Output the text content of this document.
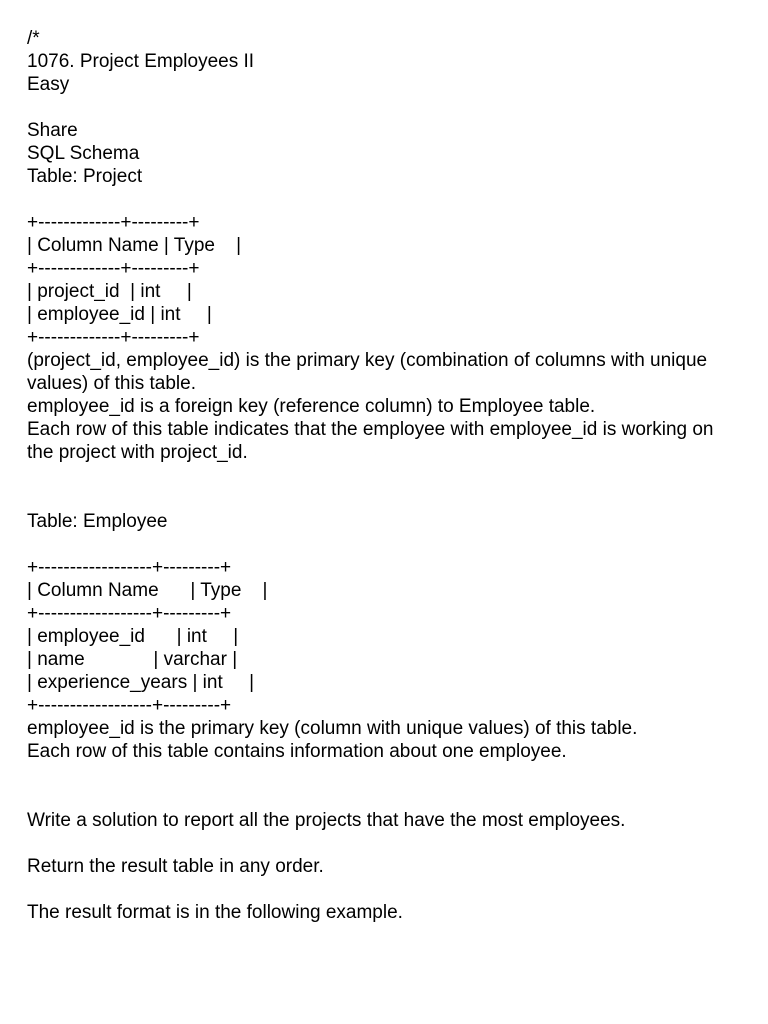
/*
1076. Project Employees II
Easy
Share
SQL Schema
Table: Project
+-------------+---------+
| Column Name | Type    |
+-------------+---------+
| project_id  | int     |
| employee_id | int     |
+-------------+---------+
(project_id, employee_id) is the primary key (combination of columns with unique values) of this table.
employee_id is a foreign key (reference column) to Employee table.
Each row of this table indicates that the employee with employee_id is working on the project with project_id.
Table: Employee
+------------------+---------+
| Column Name      | Type    |
+------------------+---------+
| employee_id      | int     |
| name             | varchar |
| experience_years | int     |
+------------------+---------+
employee_id is the primary key (column with unique values) of this table.
Each row of this table contains information about one employee.
Write a solution to report all the projects that have the most employees.
Return the result table in any order.
The result format is in the following example.
